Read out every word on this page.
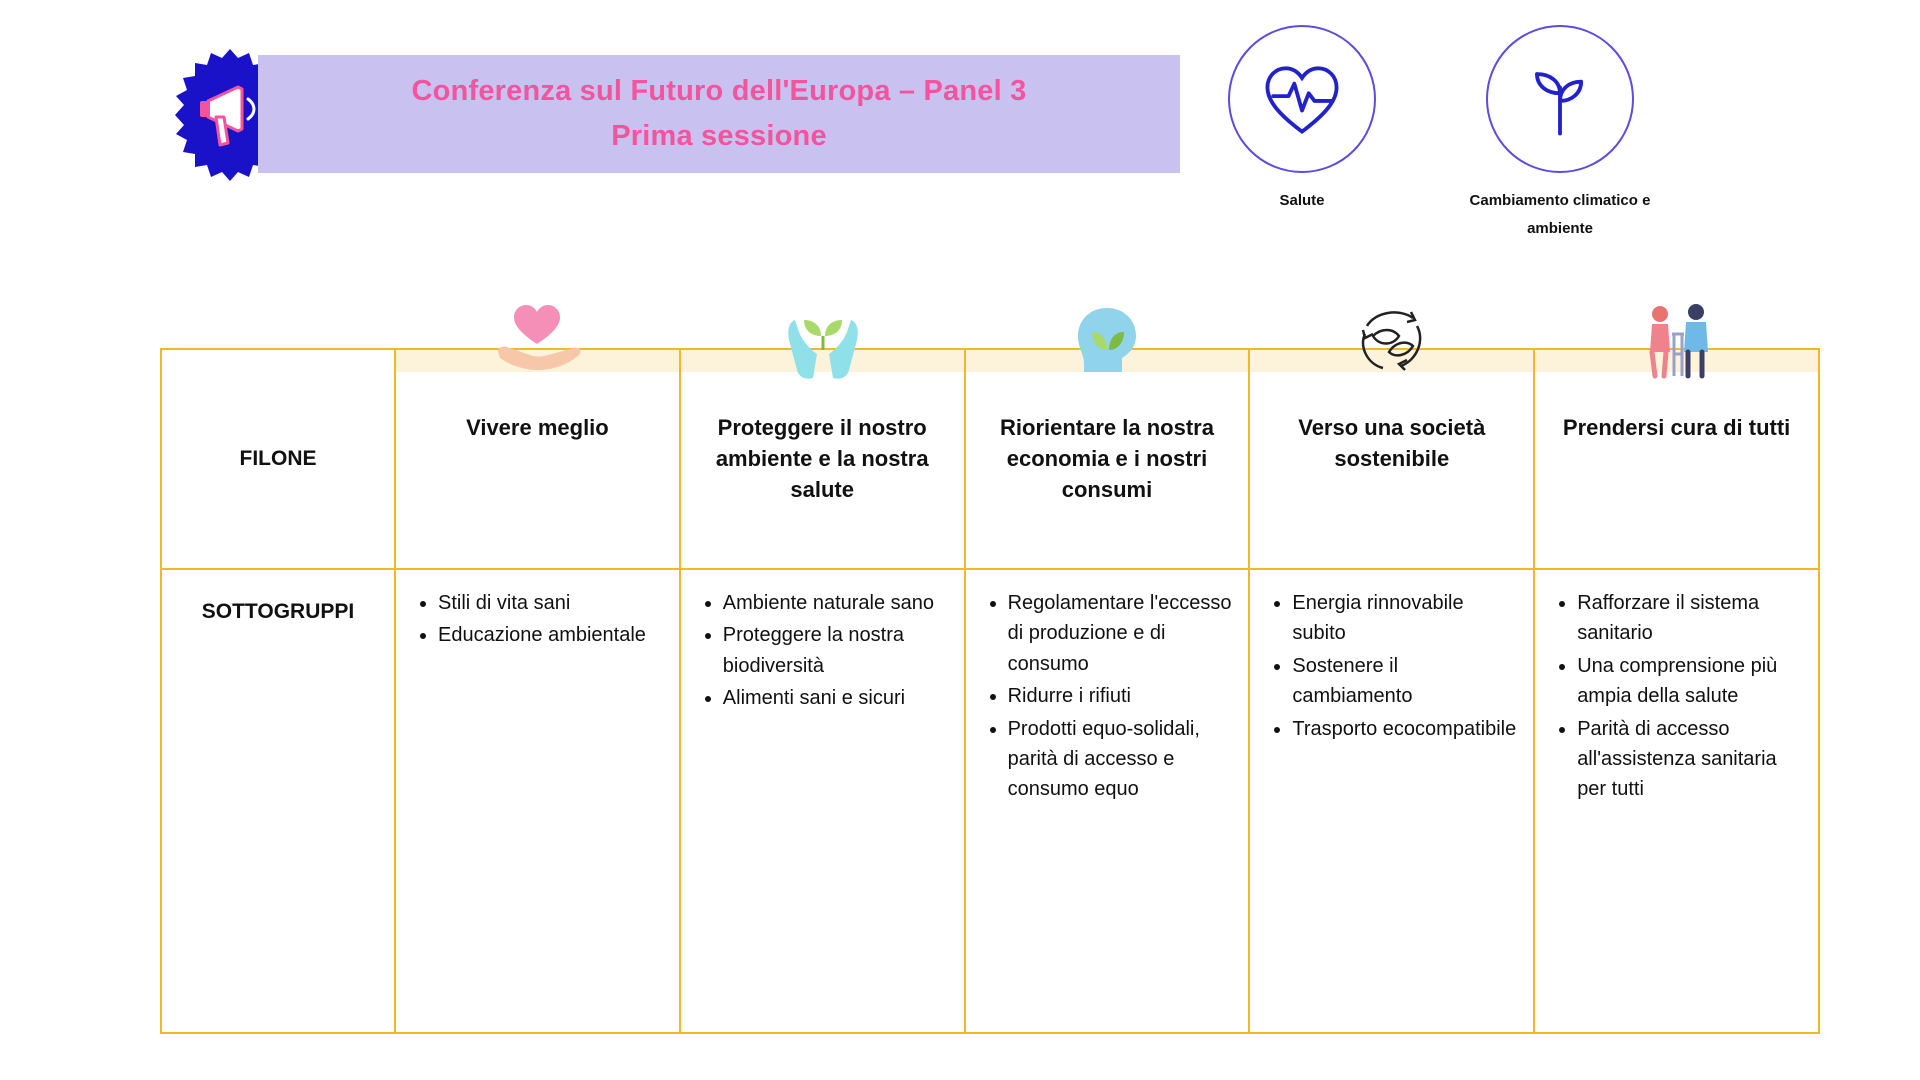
Conferenza sul Futuro dell'Europa – Panel 3
Prima sessione
Salute	Cambiamento climatico e ambiente
FILONE	Vivere meglio	Proteggere il nostro ambiente e la nostra salute	Riorientare la nostra economia e i nostri consumi	Verso una società sostenibile	Prendersi cura di tutti

SOTTOGRUPPI	
•Stili di vita sani
• Educazione ambientale

• Ambiente naturale sano
• Proteggere la nostra biodiversità
• Alimenti sani e sicuri

• Regolamentare l'eccesso di produzione e di consumo
• Ridurre i rifiuti
• Prodotti equo-solidali, parità di accesso e consumo equo

• Energia rinnovabile subito
• Sostenere il cambiamento
• Trasporto ecocompatibile

• Rafforzare il sistema sanitario
• Una comprensione più ampia della salute
• Parità di accesso all'assistenza sanitaria per tutti
